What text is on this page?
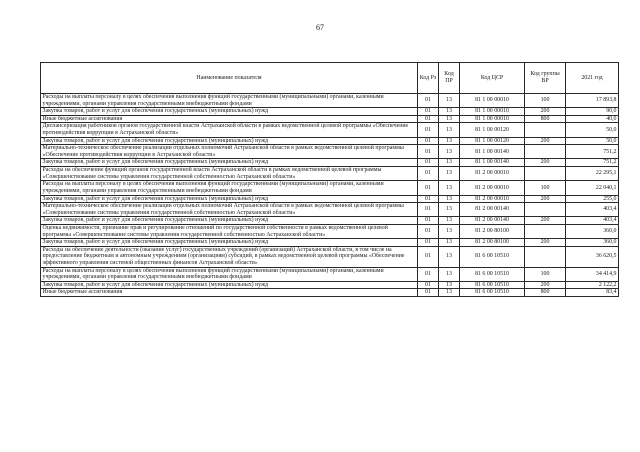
67
Наименование показателя	Код Рз	Код ПР	Код ЦСР	Код группы ВР	2021 год
Расходы на выплаты персоналу в целях обеспечения выполнения функций государственными (муниципальными) органами, казенными учреждениями, органами управления государственными внебюджетными фондами	01	13	81 1 00 00010	100	17 893,8
Закупка товаров, работ и услуг для обеспечения государственных (муниципальных) нужд	01	13	81 1 00 00010	200	90,0
Иные бюджетные ассигнования	01	13	81 1 00 00010	800	40,0
Диспансеризация работников органов государственной власти Астраханской области в рамках ведомственной целевой программы «Обеспечение противодействия коррупции в Астраханской области»	01	13	81 1 00 00120		50,0
Закупка товаров, работ и услуг для обеспечения государственных (муниципальных) нужд	01	13	81 1 00 00120	200	50,0
Материально-техническое обеспечение реализации отдельных полномочий Астраханской области в рамках ведомственной целевой программы «Обеспечение противодействия коррупции в Астраханской области»	01	13	81 1 00 00140		751,2
Закупка товаров, работ и услуг для обеспечения государственных (муниципальных) нужд	01	13	81 1 00 00140	200	751,2
Расходы на обеспечение функций органов государственной власти Астраханской области в рамках ведомственной целевой программы «Совершенствование системы управления государственной собственностью Астраханской области»	01	13	81 2 00 00010		22 295,1
Расходы на выплаты персоналу в целях обеспечения выполнения функций государственными (муниципальными) органами, казенными учреждениями, органами управления государственными внебюджетными фондами	01	13	81 2 00 00010	100	22 040,1
Закупка товаров, работ и услуг для обеспечения государственных (муниципальных) нужд	01	13	81 2 00 00010	200	255,0
Материально-техническое обеспечение реализации отдельных полномочий Астраханской области в рамках ведомственной целевой программы «Совершенствование системы управления государственной собственностью Астраханской области»	01	13	81 2 00 00140		403,4
Закупка товаров, работ и услуг для обеспечения государственных (муниципальных) нужд	01	13	81 2 00 00140	200	403,4
Оценка недвижимости, признание прав и регулирование отношений по государственной собственности в рамках ведомственной целевой программы «Совершенствование системы управления государственной собственностью Астраханской области»	01	13	81 2 00 80100		360,0
Закупка товаров, работ и услуг для обеспечения государственных (муниципальных) нужд	01	13	81 2 00 80100	200	360,0
Расходы на обеспечение деятельности (оказание услуг) государственных учреждений (организаций) Астраханской области, в том числе на предоставление бюджетным и автономным учреждениям (организациям) субсидий, в рамках ведомственной целевой программы «Обеспечение эффективного управления системой общественных финансов Астраханской области»	01	13	81 6 00 10510		36 620,5
Расходы на выплаты персоналу в целях обеспечения выполнения функций государственными (муниципальными) органами, казенными учреждениями, органами управления государственными внебюджетными фондами	01	13	81 6 00 10510	100	34 414,9
Закупка товаров, работ и услуг для обеспечения государственных (муниципальных) нужд	01	13	81 6 00 10510	200	2 122,2
Иные бюджетные ассигнования	01	13	81 6 00 10510	800	83,4
